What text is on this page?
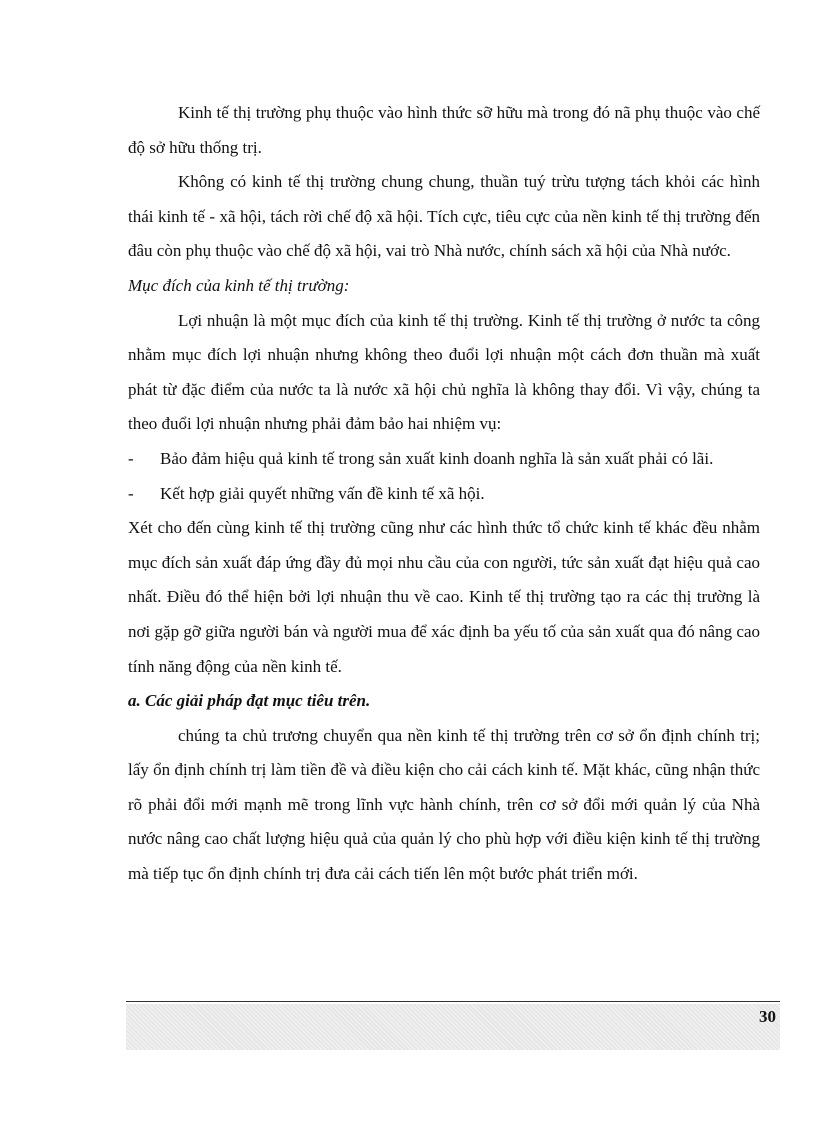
Kinh tế thị trường phụ thuộc vào hình thức sỡ hữu mà trong đó nã phụ thuộc vào chế độ sở hữu thống trị.

Không có kinh tế thị trường chung chung, thuần tuý trừu tượng tách khỏi các hình thái kinh tế - xã hội, tách rời chế độ xã hội. Tích cực, tiêu cực của nền kinh tế thị trường đến đâu còn phụ thuộc vào chế độ xã hội, vai trò Nhà nước, chính sách xã hội của Nhà nước.

Mục đích của kinh tế thị trường:

Lợi nhuận là một mục đích của kinh tế thị trường. Kinh tế thị trường ở nước ta công nhằm mục đích lợi nhuận nhưng không theo đuổi lợi nhuận một cách đơn thuần mà xuất phát từ đặc điểm của nước ta là nước xã hội chủ nghĩa là không thay đổi. Vì vậy, chúng ta theo đuổi lợi nhuận nhưng phải đảm bảo hai nhiệm vụ:

- Bảo đảm hiệu quả kinh tế trong sản xuất kinh doanh nghĩa là sản xuất phải có lãi.

- Kết hợp giải quyết những vấn đề kinh tế xã hội.

Xét cho đến cùng kinh tế thị trường cũng như các hình thức tổ chức kinh tế khác đều nhằm mục đích sản xuất đáp ứng đầy đủ mọi nhu cầu của con người, tức sản xuất đạt hiệu quả cao nhất. Điều đó thể hiện bởi lợi nhuận thu về cao. Kinh tế thị trường tạo ra các thị trường là nơi gặp gỡ giữa người bán và người mua để xác định ba yếu tố của sản xuất qua đó nâng cao tính năng động của nền kinh tế.

a. Các giải pháp đạt mục tiêu trên.

chúng ta chủ trương chuyển qua nền kinh tế thị trường trên cơ sở ổn định chính trị; lấy ổn định chính trị làm tiền đề và điều kiện cho cải cách kinh tế. Mặt khác, cũng nhận thức rõ phải đổi mới mạnh mẽ trong lĩnh vực hành chính, trên cơ sở đổi mới quản lý của Nhà nước nâng cao chất lượng hiệu quả của quản lý cho phù hợp với điều kiện kinh tế thị trường mà tiếp tục ổn định chính trị đưa cải cách tiến lên một bước phát triển mới.

30
